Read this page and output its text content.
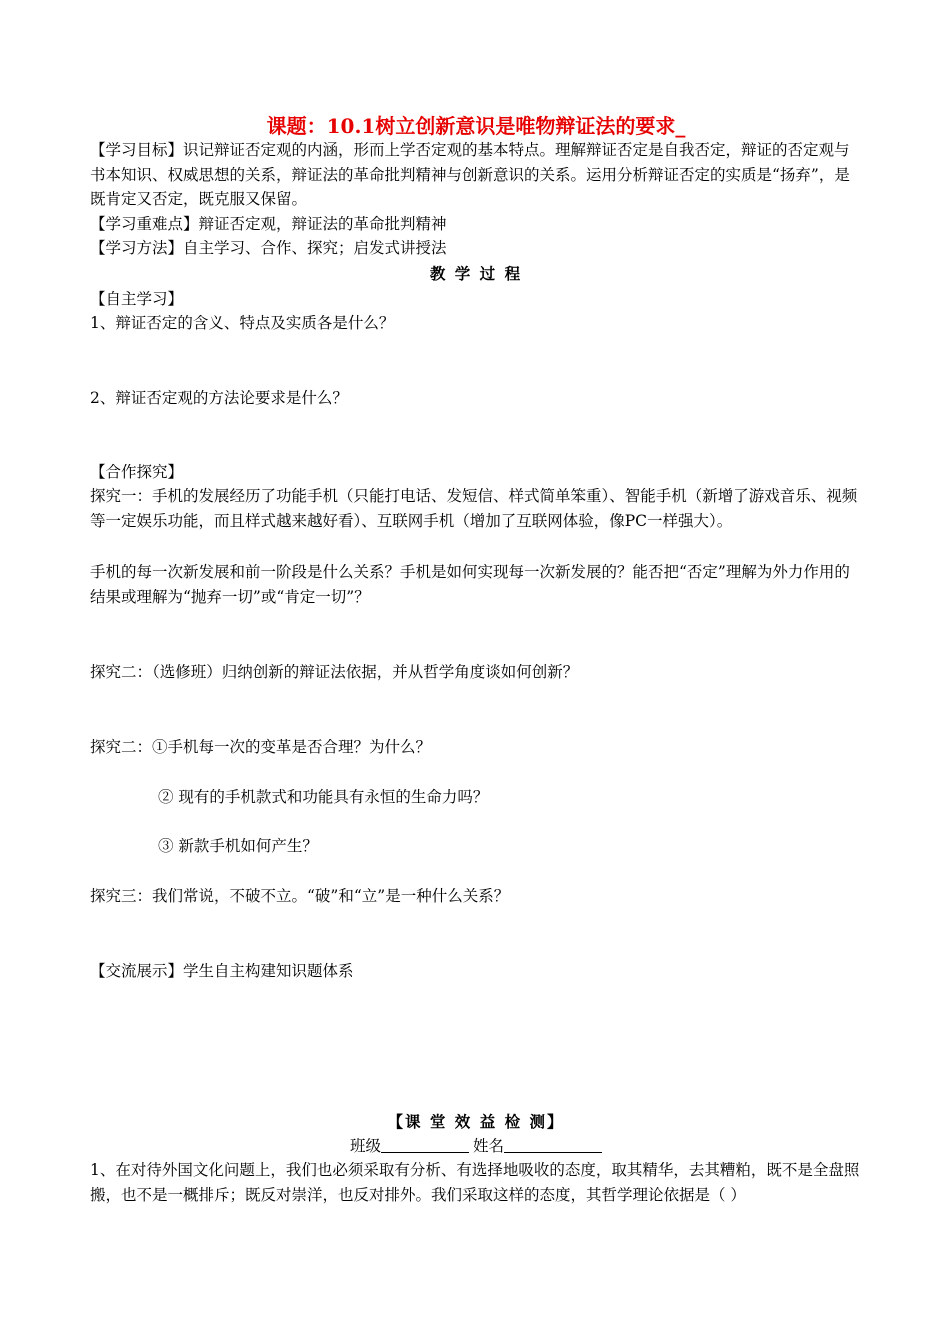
课题：10.1树立创新意识是唯物辩证法的要求_
【学习目标】识记辩证否定观的内涵，形而上学否定观的基本特点。理解辩证否定是自我否定，辩证的否定观与书本知识、权威思想的关系，辩证法的革命批判精神与创新意识的关系。运用分析辩证否定的实质是“扬弃”，是既肯定又否定，既克服又保留。
【学习重难点】辩证否定观，辩证法的革命批判精神
【学习方法】自主学习、合作、探究；启发式讲授法
教 学 过 程
【自主学习】
1、辩证否定的含义、特点及实质各是什么？
2、辩证否定观的方法论要求是什么？
【合作探究】
探究一：手机的发展经历了功能手机（只能打电话、发短信、样式简单笨重）、智能手机（新增了游戏音乐、视频等一定娱乐功能，而且样式越来越好看）、互联网手机（增加了互联网体验，像PC一样强大）。
手机的每一次新发展和前一阶段是什么关系？手机是如何实现每一次新发展的？能否把“否定”理解为外力作用的结果或理解为“抛弃一切”或“肯定一切”？
探究二：（选修班）归纳创新的辩证法依据，并从哲学角度谈如何创新？
探究二：①手机每一次的变革是否合理？为什么？
② 现有的手机款式和功能具有永恒的生命力吗？
③ 新款手机如何产生？
探究三：我们常说，不破不立。“破”和“立”是一种什么关系？
【交流展示】学生自主构建知识题体系
【课 堂 效 益 检 测】
班级	姓名
1、在对待外国文化问题上，我们也必须采取有分析、有选择地吸收的态度，取其精华，去其糟粕，既不是全盘照搬，也不是一概排斥；既反对崇洋，也反对排外。我们采取这样的态度，其哲学理论依据是（ ）
